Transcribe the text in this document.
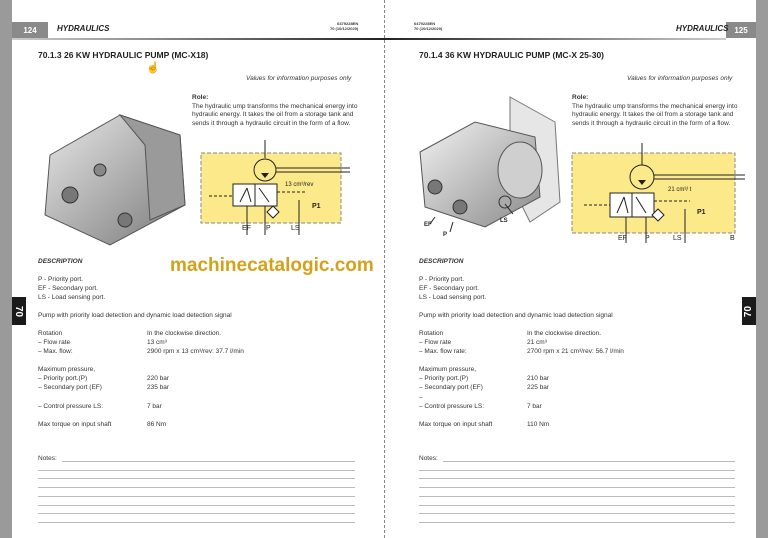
124	HYDRAULICS
6479228EN
70 (10/12/2020)
70.1.3 26 KW HYDRAULIC PUMP (MC-X18)
☝
Values for information purposes only
Role:
The hydraulic ump transforms the mechanical energy into hydraulic energy. It takes the oil from a storage tank and sends it through a hydraulic circuit in the form of a flow.
13 cm³/rev
P1
EF P	LS
DESCRIPTION
P - Priority port.
EF - Secondary port.
LS - Load sensing port.
Pump with priority load detection and dynamic load detection signal
70
Rotation	In the clockwise direction.
– Flow rate	13 cm³
– Max. flow:	2900 rpm x 13 cm³/rev: 37.7 l/min
Maximum pressure,
– Priority port.(P)	220 bar
– Secondary port (EF)	235 bar
– Control pressure LS:	7 bar
Max torque on input shaft	86 Nm
Notes:
125
HYDRAULICS
6479228EN
70 (10/12/2020)
70.1.4 36 KW HYDRAULIC PUMP (MC-X 25-30)
Values for information purposes only
EF
P
LS
Role:
The hydraulic ump transforms the mechanical energy into hydraulic energy. It takes the oil from a storage tank and sends it through a hydraulic circuit in the form of a flow.
21 cm³/ t
P1
EF	P	LS	B
DESCRIPTION
P - Priority port.
EF - Secondary port.
LS - Load sensing port.
Pump with priority load detection and dynamic load detection signal	70
Rotation	In the clockwise direction.
– Flow rate	21 cm³
– Max. flow rate:	2700 rpm x 21 cm³/rev: 56.7 l/min
Maximum pressure,
– Priority port.(P)	210 bar
– Secondary port (EF)	225 bar
–
– Control pressure LS:	7 bar
Max torque on input shaft	110 Nm
Notes:
machinecatalogic.com
